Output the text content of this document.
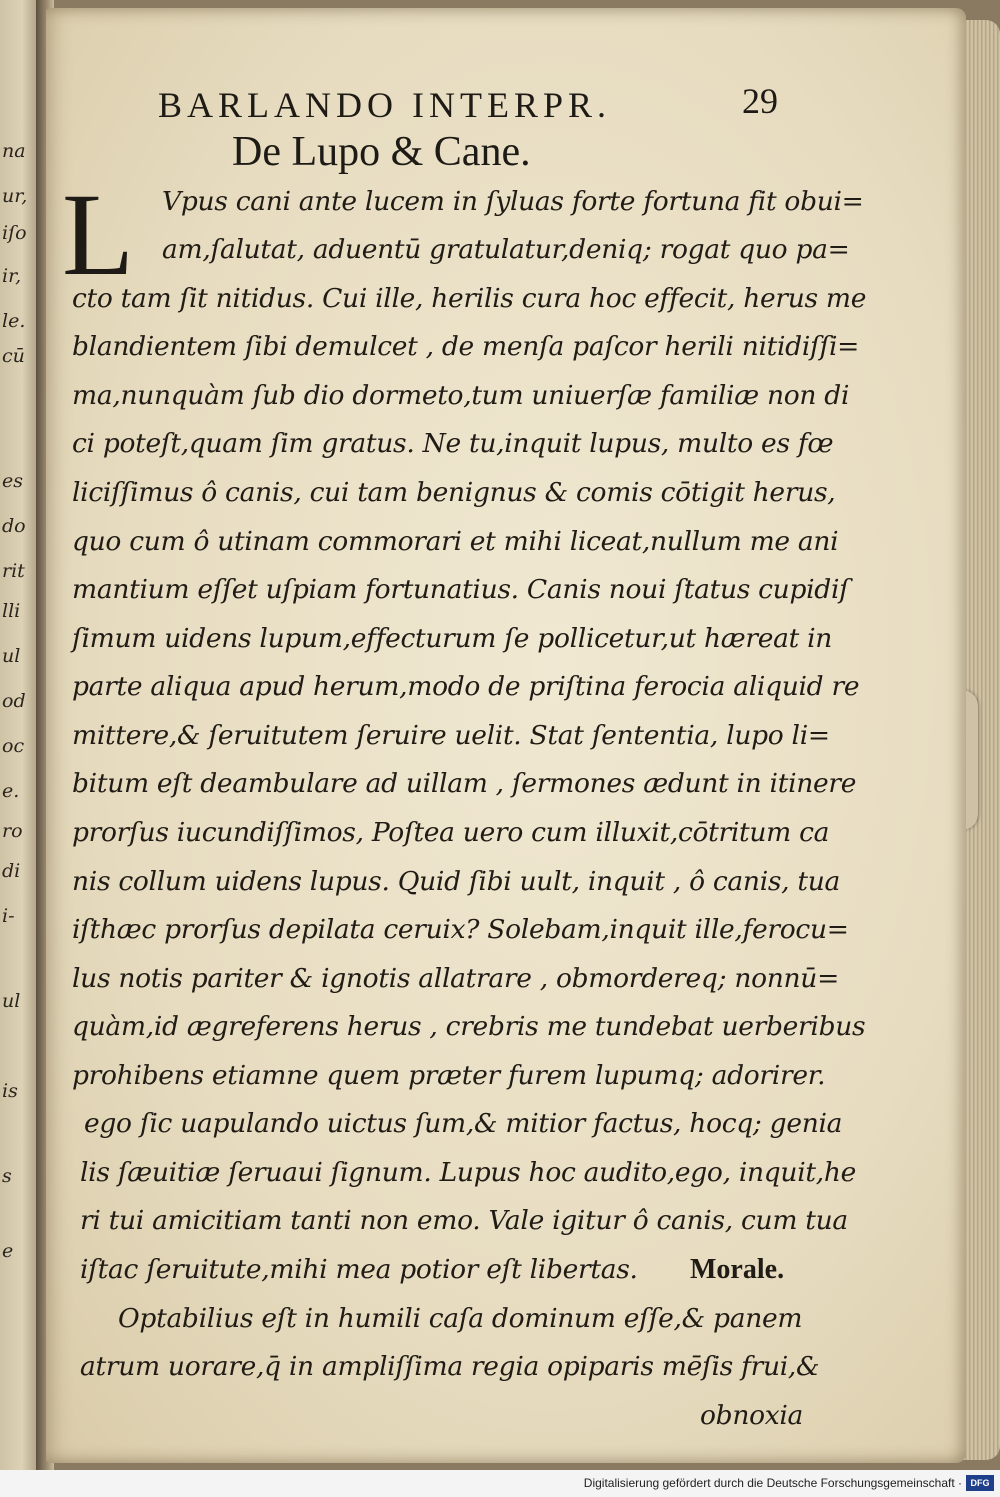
na
ur,
iſo
ir,
le.
cū
es
do
rit
lli
ul
od
oc
e.
ro
di
i-
ul
is
s
e
BARLANDO INTERPR.	29
De Lupo & Cane.
L Vpus cani ante lucem in ſyluas forte fortuna fit obui=
am,ſalutat, aduentū gratulatur,deniq; rogat quo pa=
cto tam ſit nitidus. Cui ille, herilis cura hoc effecit, herus me
blandientem ſibi demulcet , de menſa paſcor herili nitidiſſi=
ma,nunquàm ſub dio dormeto,tum uniuerſæ familiæ non di
ci poteſt,quam ſim gratus. Ne tu,inquit lupus, multo es fœ
liciſſimus ô canis, cui tam benignus & comis cōtigit herus,
quo cum ô utinam commorari et mihi liceat,nullum me ani
mantium eſſet uſpiam fortunatius. Canis noui ſtatus cupidiſ
ſimum uidens lupum,effecturum ſe pollicetur,ut hæreat in
parte aliqua apud herum,modo de priſtina ferocia aliquid re
mittere,& ſeruitutem ſeruire uelit. Stat ſententia, lupo li=
bitum eſt deambulare ad uillam , ſermones ædunt in itinere
prorſus iucundiſſimos, Poſtea uero cum illuxit,cōtritum ca
nis collum uidens lupus. Quid ſibi uult, inquit , ô canis, tua
iſthæc prorſus depilata ceruix? Solebam,inquit ille,ferocu=
lus notis pariter & ignotis allatrare , obmordereq; nonnū=
quàm,id ægreferens herus , crebris me tundebat uerberibus
prohibens etiamne quem præter furem lupumq; adorirer.
ego ſic uapulando uictus ſum,& mitior factus, hocq; genia
lis ſæuitiæ ſeruaui ſignum. Lupus hoc audito,ego, inquit,he
ri tui amicitiam tanti non emo. Vale igitur ô canis, cum tua
iſtac ſeruitute,mihi mea potior eſt libertas. Morale.
Optabilius eſt in humili caſa dominum eſſe,& panem
atrum uorare,q̄ in ampliſſima regia opiparis mēſis frui,&
obnoxia
Digitalisierung gefördert durch die Deutsche Forschungsgemeinschaft · DFG
